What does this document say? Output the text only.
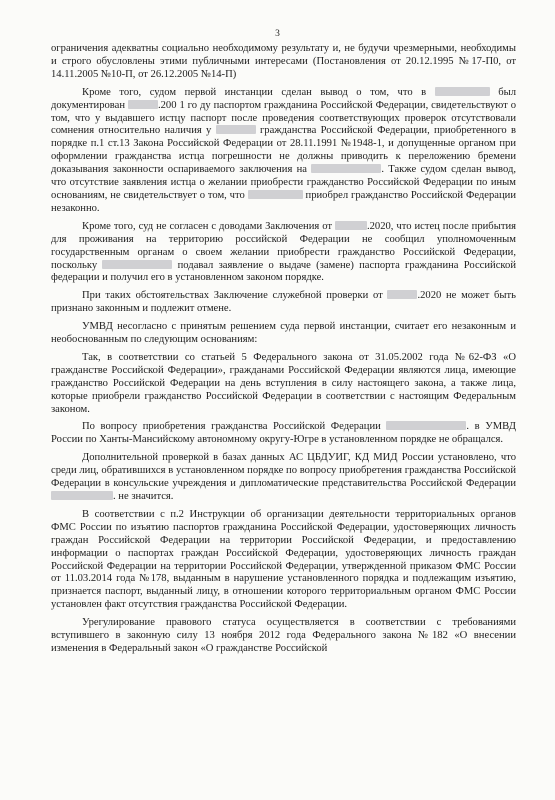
3

ограничения адекватны социально необходимому результату и, не будучи чрезмерными, необходимы и строго обусловлены этими публичными интересами (Постановления от 20.12.1995 №17-П0, от 14.11.2005 №10-П, от 26.12.2005 №14-П)

Кроме того, судом первой инстанции сделан вывод о том, что в	был документирован	.200 1 го ду паспортом гражданина Российской Федерации, свидетельствуют о том, что у выдавшего истцу паспорт после проведения соответствующих проверок отсутствовали сомнения относительно наличия у	гражданства Российской Федерации, приобретенного в порядке п.1 ст.13 Закона Российской Федерации от 28.11.1991 №1948-1, и допущенные органом при оформлении гражданства истца погрешности не должны приводить к переложению бремени доказывания законности оспариваемого заключения на	. Также судом сделан вывод, что отсутствие заявления истца о желании приобрести гражданство Российской Федерации по иным основаниям, не свидетельствует о том, что	приобрел гражданство Российской Федерации незаконно.

Кроме того, суд не согласен с доводами Заключения от	.2020, что истец после прибытия для проживания на территорию российской Федерации не сообщил уполномоченным государственным органам о своем желании приобрести гражданство Российской Федерации, поскольку	подавал заявление о выдаче (замене) паспорта гражданина Российской федерации и получил его в установленном законом порядке.

При таких обстоятельствах Заключение служебной проверки от	.2020 не может быть признано законным и подлежит отмене.

УМВД несогласно с принятым решением суда первой инстанции, считает его незаконным и необоснованным по следующим основаниям:

Так, в соответствии со статьей 5 Федерального закона от 31.05.2002 года №62-ФЗ «О гражданстве Российской Федерации», гражданами Российской Федерации являются лица, имеющие гражданство Российской Федерации на день вступления в силу настоящего закона, а также лица, которые приобрели гражданство Российской Федерации в соответствии с настоящим Федеральным законом.

По вопросу приобретения гражданства Российской Федерации	. в УМВД России по Ханты-Мансийскому автономному округу-Югре в установленном порядке не обращался.

Дополнительной проверкой в базах данных АС ЦБДУИГ, КД МИД России установлено, что среди лиц, обратившихся в установленном порядке по вопросу приобретения гражданства Российской Федерации в консульские учреждения и дипломатические представительства Российской Федерации . не значится.

В соответствии с п.2 Инструкции об организации деятельности территориальных органов ФМС России по изъятию паспортов гражданина Российской Федерации, удостоверяющих личность граждан Российской Федерации на территории Российской Федерации, и предоставлению информации о паспортах граждан Российской Федерации, удостоверяющих личность граждан Российской Федерации на территории Российской Федерации, утвержденной приказом ФМС России от 11.03.2014 года №178, выданным в нарушение установленного порядка и подлежащим изъятию, признается паспорт, выданный лицу, в отношении которого территориальным органом ФМС России установлен факт отсутствия гражданства Российской Федерации.

Урегулирование правового статуса осуществляется в соответствии с требованиями вступившего в законную силу 13 ноября 2012 года Федерального закона №182 «О внесении изменения в Федеральный закон «О гражданстве Российской
